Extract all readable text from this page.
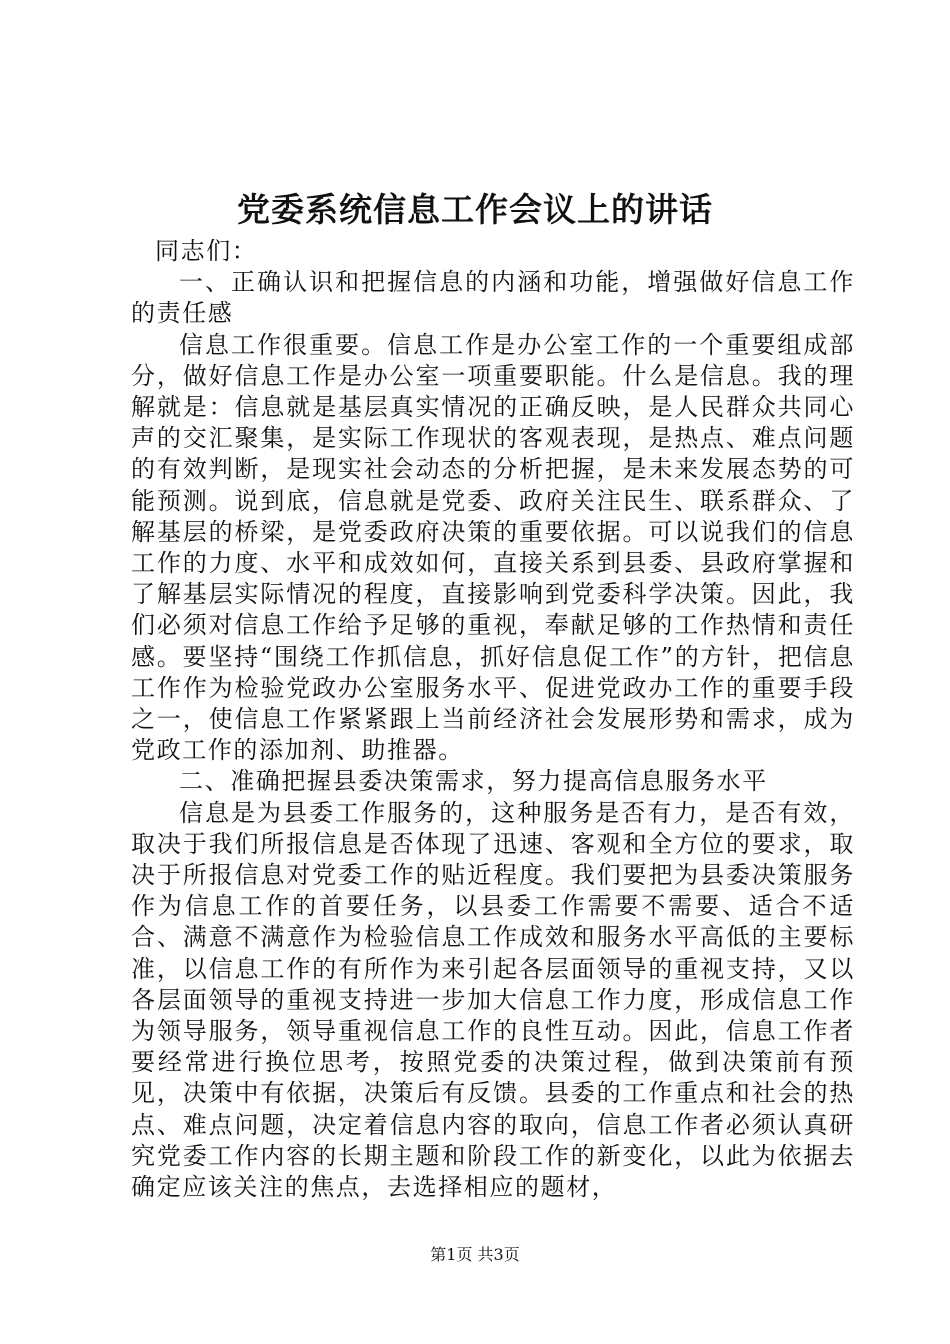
党委系统信息工作会议上的讲话

同志们：

一、正确认识和把握信息的内涵和功能，增强做好信息工作的责任感

信息工作很重要。信息工作是办公室工作的一个重要组成部分，做好信息工作是办公室一项重要职能。什么是信息。我的理解就是：信息就是基层真实情况的正确反映，是人民群众共同心声的交汇聚集，是实际工作现状的客观表现，是热点、难点问题的有效判断，是现实社会动态的分析把握，是未来发展态势的可能预测。说到底，信息就是党委、政府关注民生、联系群众、了解基层的桥梁，是党委政府决策的重要依据。可以说我们的信息工作的力度、水平和成效如何，直接关系到县委、县政府掌握和了解基层实际情况的程度，直接影响到党委科学决策。因此，我们必须对信息工作给予足够的重视，奉献足够的工作热情和责任感。要坚持“围绕工作抓信息，抓好信息促工作”的方针，把信息工作作为检验党政办公室服务水平、促进党政办工作的重要手段之一，使信息工作紧紧跟上当前经济社会发展形势和需求，成为党政工作的添加剂、助推器。

二、准确把握县委决策需求，努力提高信息服务水平

信息是为县委工作服务的，这种服务是否有力，是否有效，取决于我们所报信息是否体现了迅速、客观和全方位的要求，取决于所报信息对党委工作的贴近程度。我们要把为县委决策服务作为信息工作的首要任务，以县委工作需要不需要、适合不适合、满意不满意作为检验信息工作成效和服务水平高低的主要标准，以信息工作的有所作为来引起各层面领导的重视支持，又以各层面领导的重视支持进一步加大信息工作力度，形成信息工作为领导服务，领导重视信息工作的良性互动。因此，信息工作者要经常进行换位思考，按照党委的决策过程，做到决策前有预见，决策中有依据，决策后有反馈。县委的工作重点和社会的热点、难点问题，决定着信息内容的取向，信息工作者必须认真研究党委工作内容的长期主题和阶段工作的新变化，以此为依据去确定应该关注的焦点，去选择相应的题材，

第1页 共3页
